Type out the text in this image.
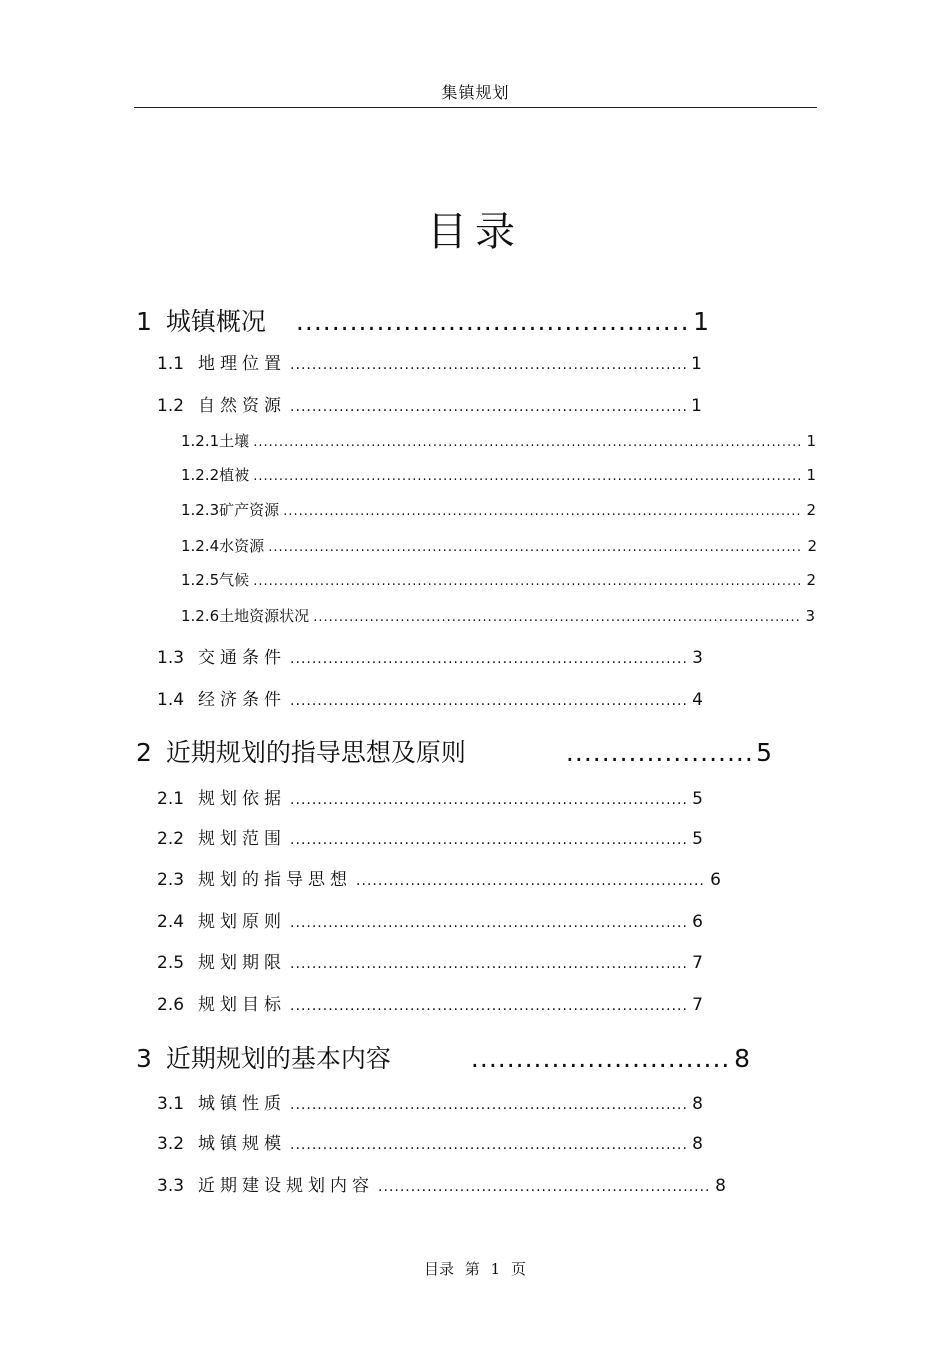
集镇规划
目录
1 城镇概况 .....	1
1.1 地理位置 .....	1
1.2 自然资源 .....	1
1.2.1 土壤 .....	1
1.2.2 植被 .....	1
1.2.3 矿产资源 .....	2
1.2.4 水资源 .....	2
1.2.5 气候 .....	2
1.2.6 土地资源状况 .....	3
1.3 交通条件 .....	3
1.4 经济条件 .....	4
2 近期规划的指导思想及原则 .....	5
2.1 规划依据 .....	5
2.2 规划范围 .....	5
2.3 规划的指导思想 .....	6
2.4 规划原则 .....	6
2.5 规划期限 .....	7
2.6 规划目标 .....	7
3 近期规划的基本内容 .....	8
3.1 城镇性质 .....	8
3.2 城镇规模 .....	8
3.3 近期建设规划内容 .....	8
目录 第 1 页
